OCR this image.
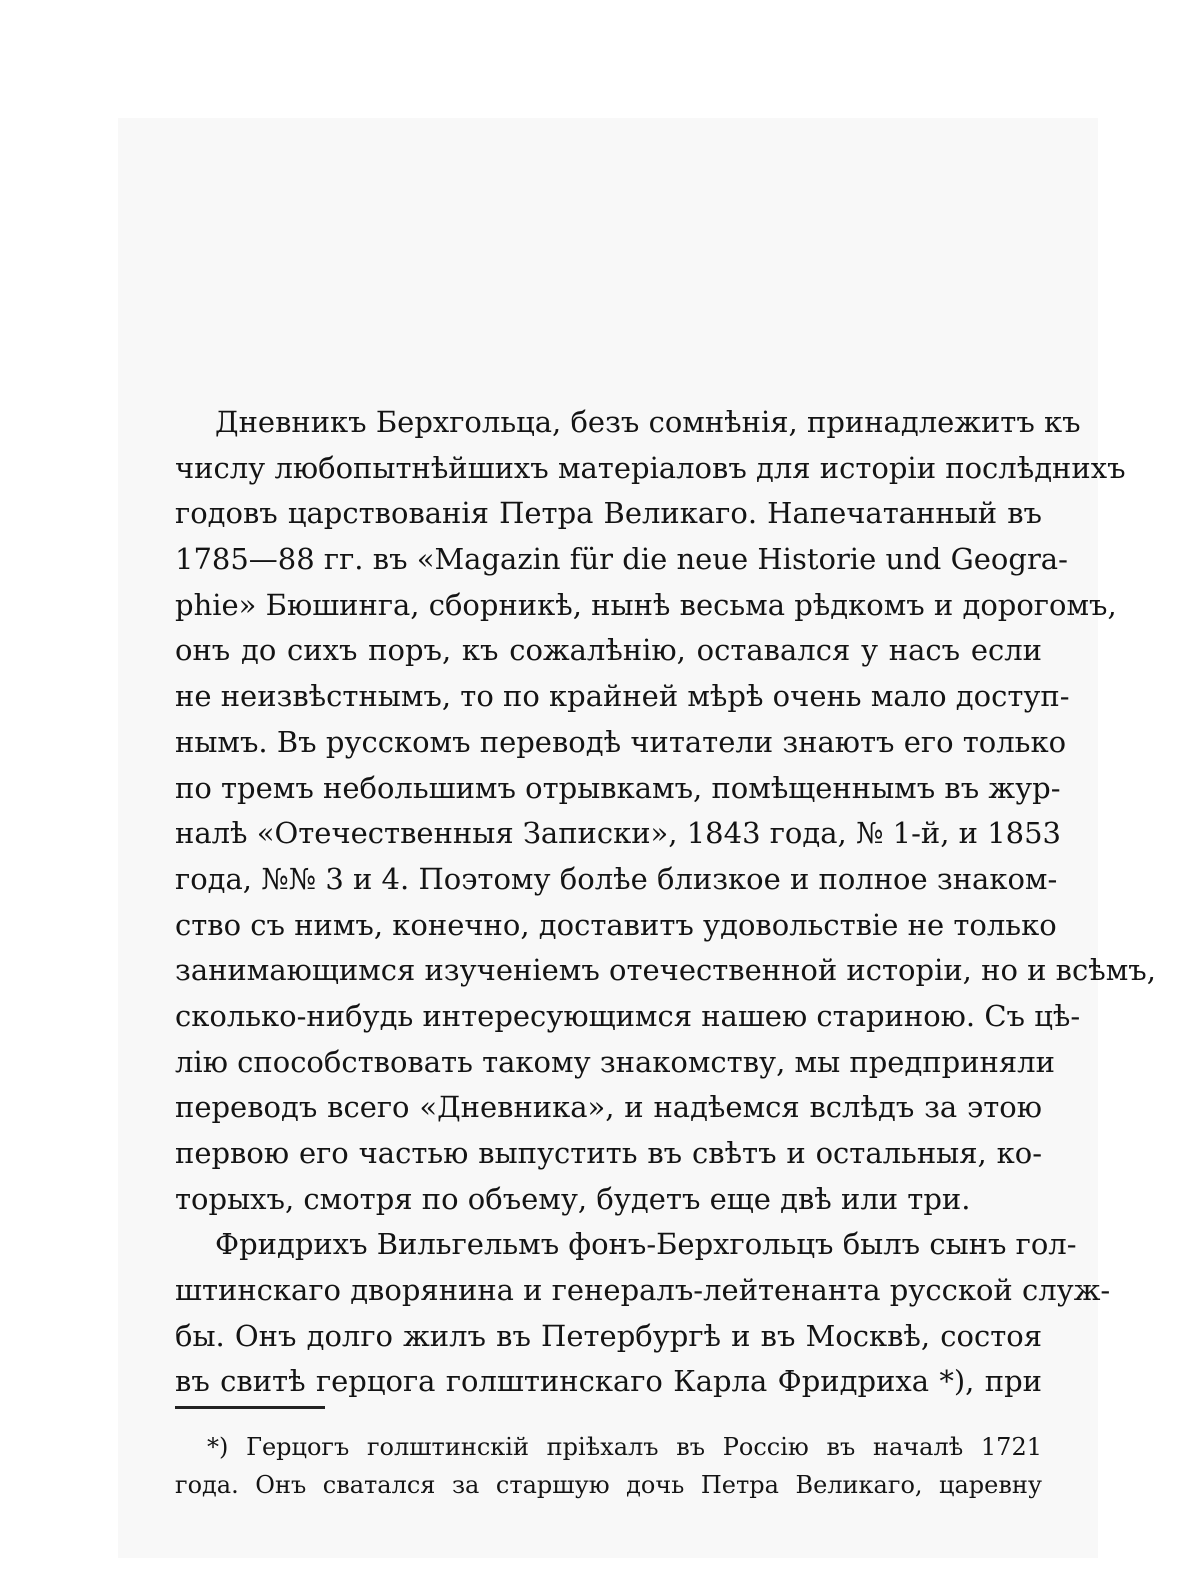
Дневникъ Берхгольца, безъ сомнѣнія, принадлежитъ къ
числу любопытнѣйшихъ матеріаловъ для исторіи послѣднихъ
годовъ царствованія Петра Великаго. Напечатанный въ
1785—88 гг. въ «Magazin für die neue Historie und Geogra-
phie» Бюшинга, сборникѣ, нынѣ весьма рѣдкомъ и дорогомъ,
онъ до сихъ поръ, къ сожалѣнію, оставался у насъ если
не неизвѣстнымъ, то по крайней мѣрѣ очень мало доступ-
нымъ. Въ русскомъ переводѣ читатели знаютъ его только
по тремъ небольшимъ отрывкамъ, помѣщеннымъ въ жур-
налѣ «Отечественныя Записки», 1843 года, № 1-й, и 1853
года, №№ 3 и 4. Поэтому болѣе близкое и полное знаком-
ство съ нимъ, конечно, доставитъ удовольствіе не только
занимающимся изученіемъ отечественной исторіи, но и всѣмъ,
сколько-нибудь интересующимся нашею стариною. Съ цѣ-
лію способствовать такому знакомству, мы предприняли
переводъ всего «Дневника», и надѣемся вслѣдъ за этою
первою его частью выпустить въ свѣтъ и остальныя, ко-
торыхъ, смотря по объему, будетъ еще двѣ или три.
Фридрихъ Вильгельмъ фонъ-Берхгольцъ былъ сынъ гол-
штинскаго дворянина и генералъ-лейтенанта русской служ-
бы. Онъ долго жилъ въ Петербургѣ и въ Москвѣ, состоя
въ свитѣ герцога голштинскаго Карла Фридриха *), при
*) Герцогъ голштинскій пріѣхалъ въ Россію въ началѣ 1721
года. Онъ сватался за старшую дочь Петра Великаго, царевну
